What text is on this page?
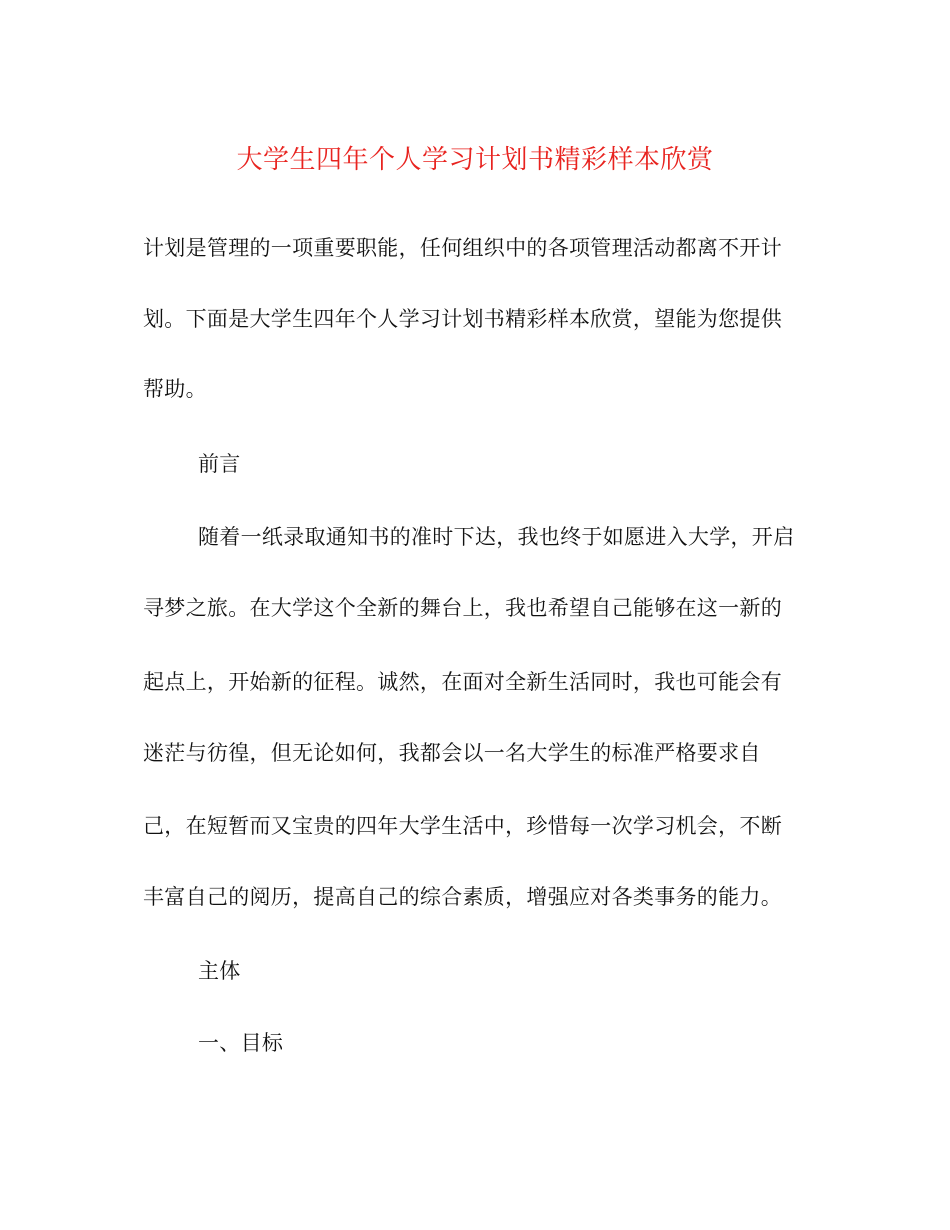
大学生四年个人学习计划书精彩样本欣赏
计划是管理的一项重要职能，任何组织中的各项管理活动都离不开计
划。下面是大学生四年个人学习计划书精彩样本欣赏，望能为您提供
帮助。
前言
随着一纸录取通知书的准时下达，我也终于如愿进入大学，开启
寻梦之旅。在大学这个全新的舞台上，我也希望自己能够在这一新的
起点上，开始新的征程。诚然，在面对全新生活同时，我也可能会有
迷茫与彷徨，但无论如何，我都会以一名大学生的标准严格要求自
己，在短暂而又宝贵的四年大学生活中，珍惜每一次学习机会，不断
丰富自己的阅历，提高自己的综合素质，增强应对各类事务的能力。
主体
一、目标
